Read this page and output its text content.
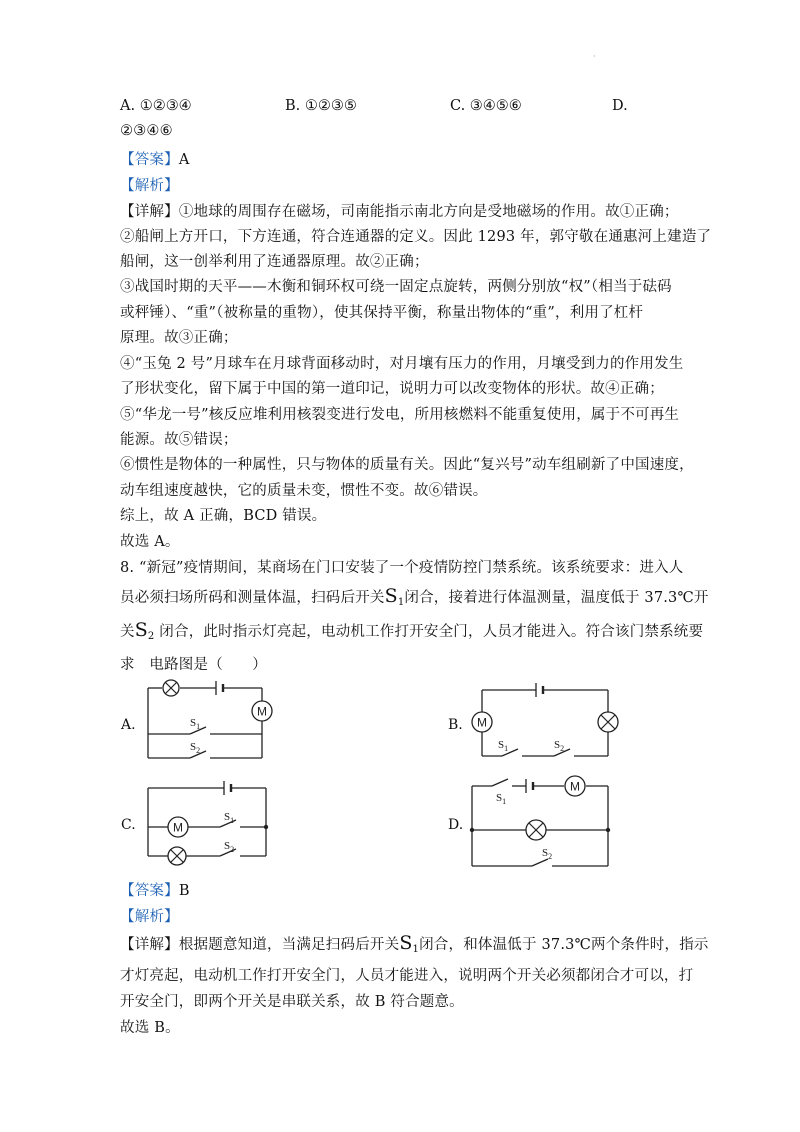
·
A. ①②③④	B. ①②③⑤	C. ③④⑤⑥	D.
②③④⑥
【答案】A
【解析】
【详解】①地球的周围存在磁场，司南能指示南北方向是受地磁场的作用。故①正确；
②船闸上方开口，下方连通，符合连通器的定义。因此 1293 年，郭守敬在通惠河上建造了
船闸，这一创举利用了连通器原理。故②正确；
③战国时期的天平——木衡和铜环权可绕一固定点旋转，两侧分别放“权”（相当于砝码
或秤锤）、“重”（被称量的重物），使其保持平衡，称量出物体的“重”，利用了杠杆
原理。故③正确；
④“玉兔 2 号”月球车在月球背面移动时，对月壤有压力的作用，月壤受到力的作用发生
了形状变化，留下属于中国的第一道印记，说明力可以改变物体的形状。故④正确；
⑤“华龙一号”核反应堆利用核裂变进行发电，所用核燃料不能重复使用，属于不可再生
能源。故⑤错误；
⑥惯性是物体的一种属性，只与物体的质量有关。因此“复兴号”动车组刷新了中国速度，
动车组速度越快，它的质量未变，惯性不变。故⑥错误。
综上，故 A 正确，BCD 错误。
故选 A。
8. “新冠”疫情期间，某商场在门口安装了一个疫情防控门禁系统。该系统要求：进入人
员必须扫场所码和测量体温，扫码后开关$S_1$闭合，接着进行体温测量，温度低于 37.3℃开
关$S_2$ 闭合，此时指示灯亮起，电动机工作打开安全门，人员才能进入。符合该门禁系统要
求　电路图是（　　）
A.	B.
C.	D.
M
$S_1$
$S_2$
M
$S_1$	$S_2$
M
$S_1$
$S_2$
M
$S_1$
$S_2$
【答案】B
【解析】
【详解】根据题意知道，当满足扫码后开关$S_1$闭合，和体温低于 37.3℃两个条件时，指示
才灯亮起，电动机工作打开安全门，人员才能进入，说明两个开关必须都闭合才可以，打
开安全门，即两个开关是串联关系，故 B 符合题意。
故选 B。
